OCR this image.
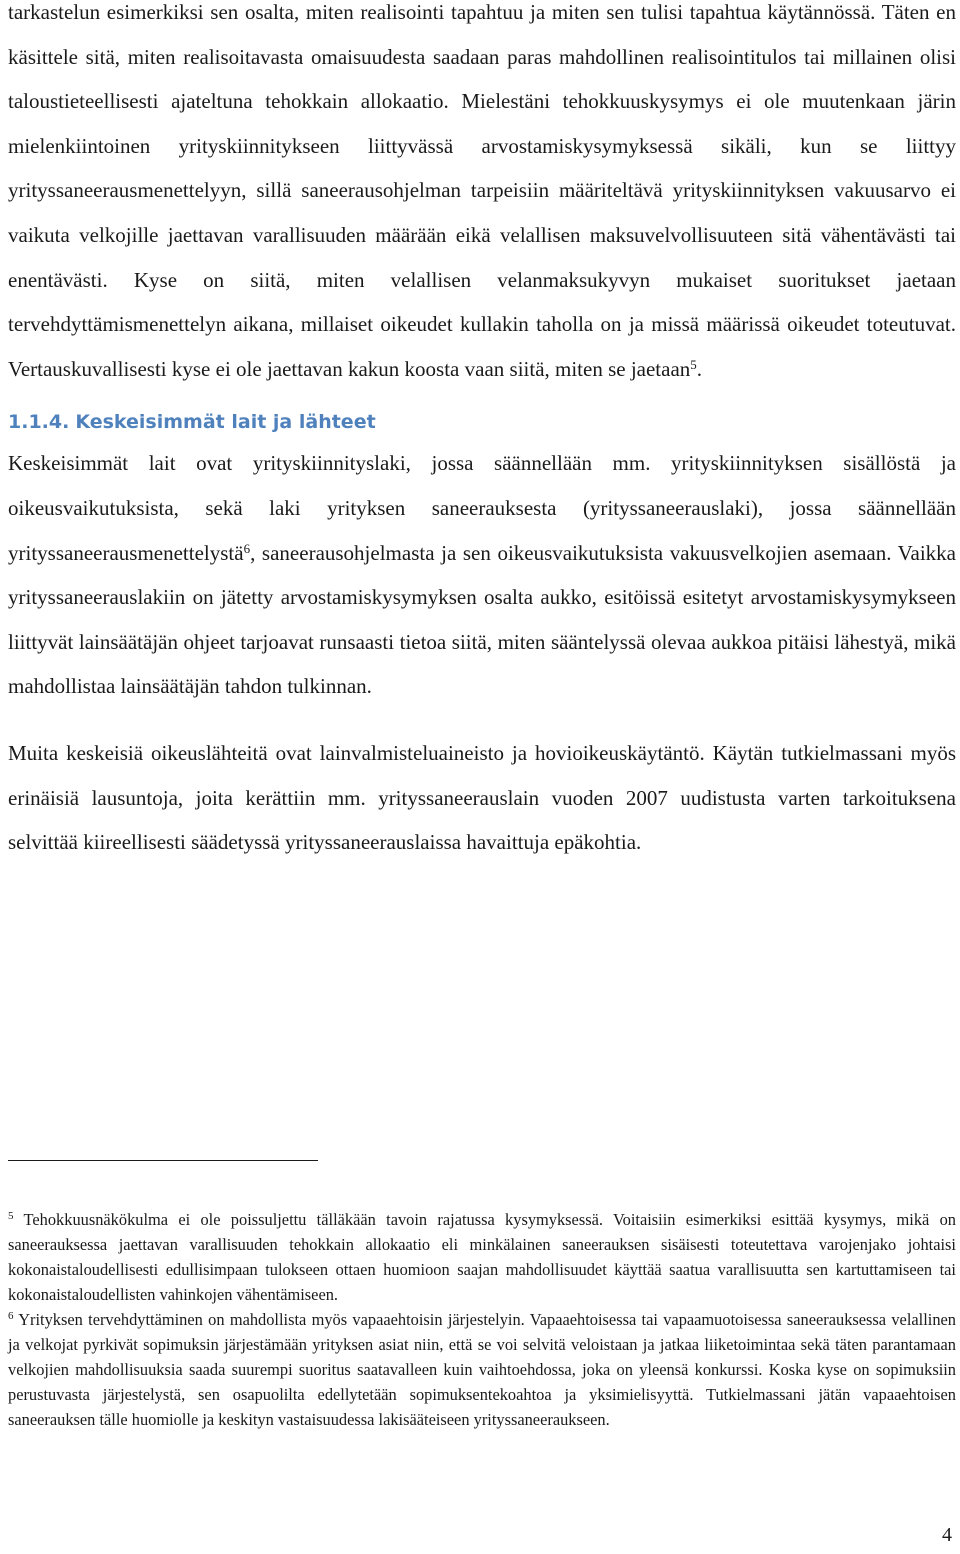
tarkastelun esimerkiksi sen osalta, miten realisointi tapahtuu ja miten sen tulisi tapahtua käytännössä. Täten en käsittele sitä, miten realisoitavasta omaisuudesta saadaan paras mahdollinen realisointitulos tai millainen olisi taloustieteellisesti ajateltuna tehokkain allokaatio. Mielestäni tehokkuuskysymys ei ole muutenkaan järin mielenkiintoinen yrityskiinnitykseen liittyvässä arvostamiskysymyksessä sikäli, kun se liittyy yrityssaneerausmenettelyyn, sillä saneerausohjelman tarpeisiin määriteltävä yrityskiinnityksen vakuusarvo ei vaikuta velkojille jaettavan varallisuuden määrään eikä velallisen maksuvelvollisuuteen sitä vähentävästi tai enentävästi. Kyse on siitä, miten velallisen velanmaksukyvyn mukaiset suoritukset jaetaan tervehdyttämismenettelyn aikana, millaiset oikeudet kullakin taholla on ja missä määrissä oikeudet toteutuvat. Vertauskuvallisesti kyse ei ole jaettavan kakun koosta vaan siitä, miten se jaetaan$^5$.

1.1.4. Keskeisimmät lait ja lähteet

Keskeisimmät lait ovat yrityskiinnityslaki, jossa säännellään mm. yrityskiinnityksen sisällöstä ja oikeusvaikutuksista, sekä laki yrityksen saneerauksesta (yrityssaneerauslaki), jossa säännellään yrityssaneerausmenettelystä$^6$, saneerausohjelmasta ja sen oikeusvaikutuksista vakuusvelkojien asemaan. Vaikka yrityssaneerauslakiin on jätetty arvostamiskysymyksen osalta aukko, esitöissä esitetyt arvostamiskysymykseen liittyvät lainsäätäjän ohjeet tarjoavat runsaasti tietoa siitä, miten sääntelyssä olevaa aukkoa pitäisi lähestyä, mikä mahdollistaa lainsäätäjän tahdon tulkinnan.

Muita keskeisiä oikeuslähteitä ovat lainvalmisteluaineisto ja hovioikeuskäytäntö. Käytän tutkielmassani myös erinäisiä lausuntoja, joita kerättiin mm. yrityssaneerauslain vuoden 2007 uudistusta varten tarkoituksena selvittää kiireellisesti säädetyssä yrityssaneerauslaissa havaittuja epäkohtia.

$^5$ Tehokkuusnäkökulma ei ole poissuljettu tälläkään tavoin rajatussa kysymyksessä. Voitaisiin esimerkiksi esittää kysymys, mikä on saneerauksessa jaettavan varallisuuden tehokkain allokaatio eli minkälainen saneerauksen sisäisesti toteutettava varojenjako johtaisi kokonaistaloudellisesti edullisimpaan tulokseen ottaen huomioon saajan mahdollisuudet käyttää saatua varallisuutta sen kartuttamiseen tai kokonaistaloudellisten vahinkojen vähentämiseen.

$^6$ Yrityksen tervehdyttäminen on mahdollista myös vapaaehtoisin järjestelyin. Vapaaehtoisessa tai vapaamuotoisessa saneerauksessa velallinen ja velkojat pyrkivät sopimuksin järjestämään yrityksen asiat niin, että se voi selvitä veloistaan ja jatkaa liiketoimintaa sekä täten parantamaan velkojien mahdollisuuksia saada suurempi suoritus saatavalleen kuin vaihtoehdossa, joka on yleensä konkurssi. Koska kyse on sopimuksiin perustuvasta järjestelystä, sen osapuolilta edellytetään sopimuksentekoahtoa ja yksimielisyyttä. Tutkielmassani jätän vapaaehtoisen saneerauksen tälle huomiolle ja keskityn vastaisuudessa lakisääteiseen yrityssaneeraukseen.

4
